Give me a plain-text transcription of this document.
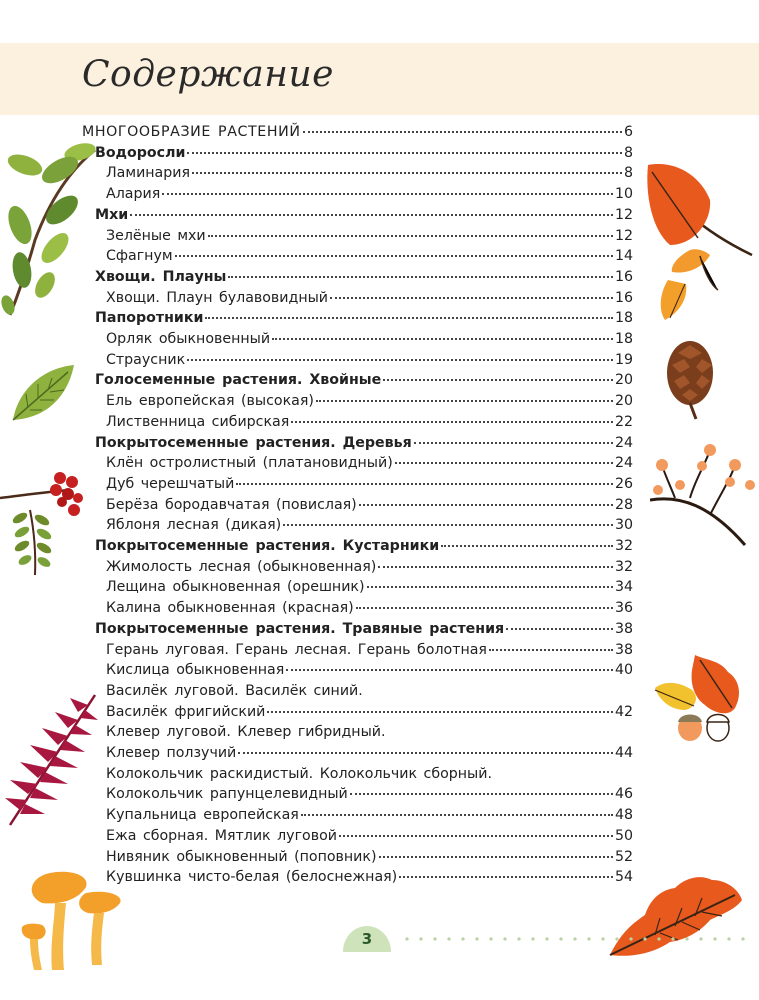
Содержание
МНОГООБРАЗИЕ РАСТЕНИЙ	6
Водоросли	8
Ламинария	8
Алария	10
Мхи	12
Зелёные мхи	12
Сфагнум	14
Хвощи. Плауны	16
Хвощи. Плаун булавовидный	16
Папоротники	18
Орляк обыкновенный	18
Страусник	19
Голосеменные растения. Хвойные	20
Ель европейская (высокая)	20
Лиственница сибирская	22
Покрытосеменные растения. Деревья	24
Клён остролистный (платановидный)	24
Дуб черешчатый	26
Берёза бородавчатая (повислая)	28
Яблоня лесная (дикая)	30
Покрытосеменные растения. Кустарники	32
Жимолость лесная (обыкновенная)	32
Лещина обыкновенная (орешник)	34
Калина обыкновенная (красная)	36
Покрытосеменные растения. Травяные растения	38
Герань луговая. Герань лесная. Герань болотная	38
Кислица обыкновенная	40
Василёк луговой. Василёк синий.
Василёк фригийский	42
Клевер луговой. Клевер гибридный.
Клевер ползучий	44
Колокольчик раскидистый. Колокольчик сборный.
Колокольчик рапунцелевидный	46
Купальница европейская	48
Ежа сборная. Мятлик луговой	50
Нивяник обыкновенный (поповник)	52
Кувшинка чисто-белая (белоснежная)	54
3
